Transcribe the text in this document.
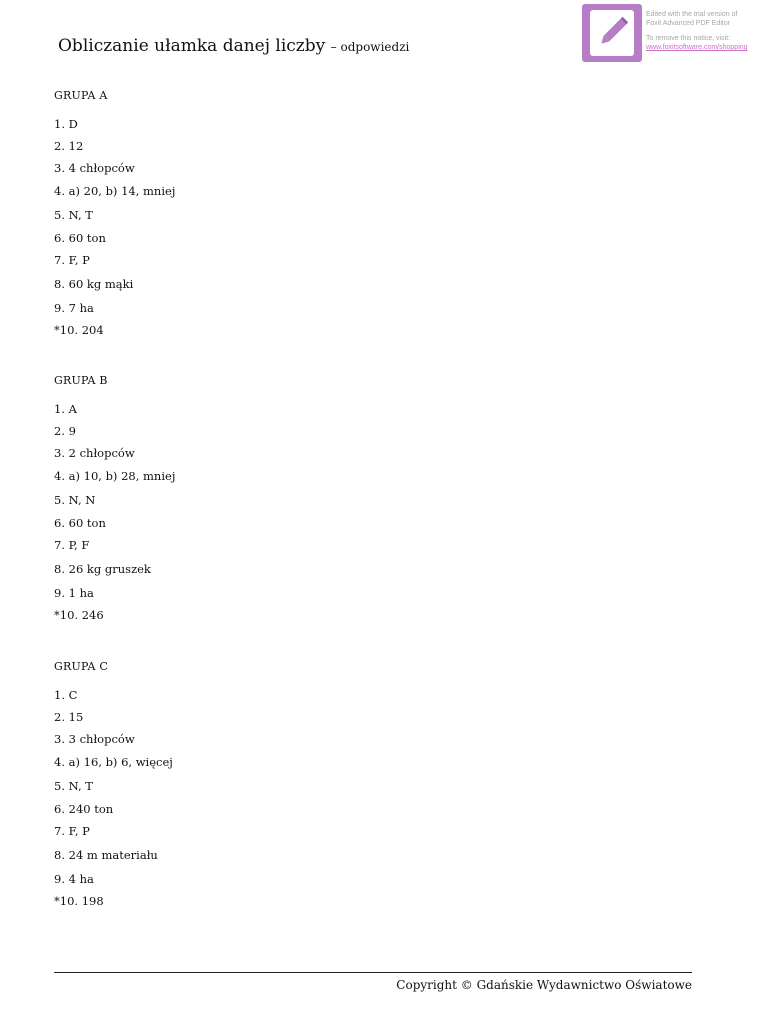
Obliczanie ułamka danej liczby – odpowiedzi
Edited with the trial version of
Foxit Advanced PDF Editor
To remove this notice, visit:
www.foxitsoftware.com/shopping
GRUPA A
1. D
2. 12
3. 4 chłopców
4. a) 20, b) 14, mniej
5. N, T
6. 60 ton
7. F, P
8. 60 kg mąki
9. 7 ha
*10. 204
GRUPA B
1. A
2. 9
3. 2 chłopców
4. a) 10, b) 28, mniej
5. N, N
6. 60 ton
7. P, F
8. 26 kg gruszek
9. 1 ha
*10. 246
GRUPA C
1. C
2. 15
3. 3 chłopców
4. a) 16, b) 6, więcej
5. N, T
6. 240 ton
7. F, P
8. 24 m materiału
9. 4 ha
*10. 198
Copyright © Gdańskie Wydawnictwo Oświatowe
